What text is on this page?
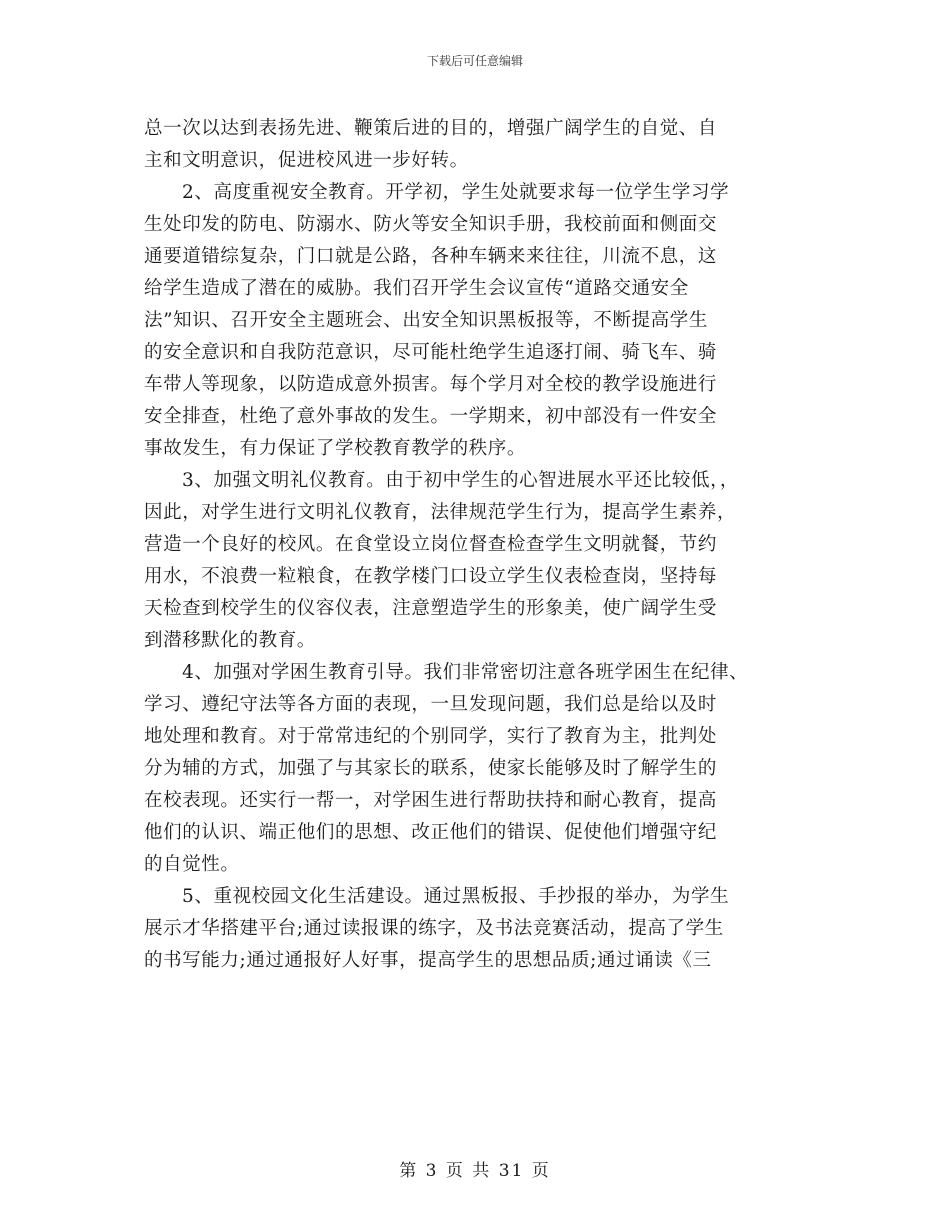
下载后可任意编辑
总一次以达到表扬先进、鞭策后进的目的，增强广阔学生的自觉、自
主和文明意识，促进校风进一步好转。
2、高度重视安全教育。开学初，学生处就要求每一位学生学习学
生处印发的防电、防溺水、防火等安全知识手册，我校前面和侧面交
通要道错综复杂，门口就是公路，各种车辆来来往往，川流不息，这
给学生造成了潜在的威胁。我们召开学生会议宣传“道路交通安全
法”知识、召开安全主题班会、出安全知识黑板报等，不断提高学生
的安全意识和自我防范意识，尽可能杜绝学生追逐打闹、骑飞车、骑
车带人等现象，以防造成意外损害。每个学月对全校的教学设施进行
安全排查，杜绝了意外事故的发生。一学期来，初中部没有一件安全
事故发生，有力保证了学校教育教学的秩序。
3、加强文明礼仪教育。由于初中学生的心智进展水平还比较低，，
因此，对学生进行文明礼仪教育，法律规范学生行为，提高学生素养，
营造一个良好的校风。在食堂设立岗位督查检查学生文明就餐，节约
用水，不浪费一粒粮食，在教学楼门口设立学生仪表检查岗，坚持每
天检查到校学生的仪容仪表，注意塑造学生的形象美，使广阔学生受
到潜移默化的教育。
4、加强对学困生教育引导。我们非常密切注意各班学困生在纪律、
学习、遵纪守法等各方面的表现，一旦发现问题，我们总是给以及时
地处理和教育。对于常常违纪的个别同学，实行了教育为主，批判处
分为辅的方式，加强了与其家长的联系，使家长能够及时了解学生的
在校表现。还实行一帮一，对学困生进行帮助扶持和耐心教育，提高
他们的认识、端正他们的思想、改正他们的错误、促使他们增强守纪
的自觉性。
5、重视校园文化生活建设。通过黑板报、手抄报的举办，为学生
展示才华搭建平台;通过读报课的练字，及书法竞赛活动，提高了学生
的书写能力;通过通报好人好事，提高学生的思想品质;通过诵读《三
第 3 页 共 31 页
